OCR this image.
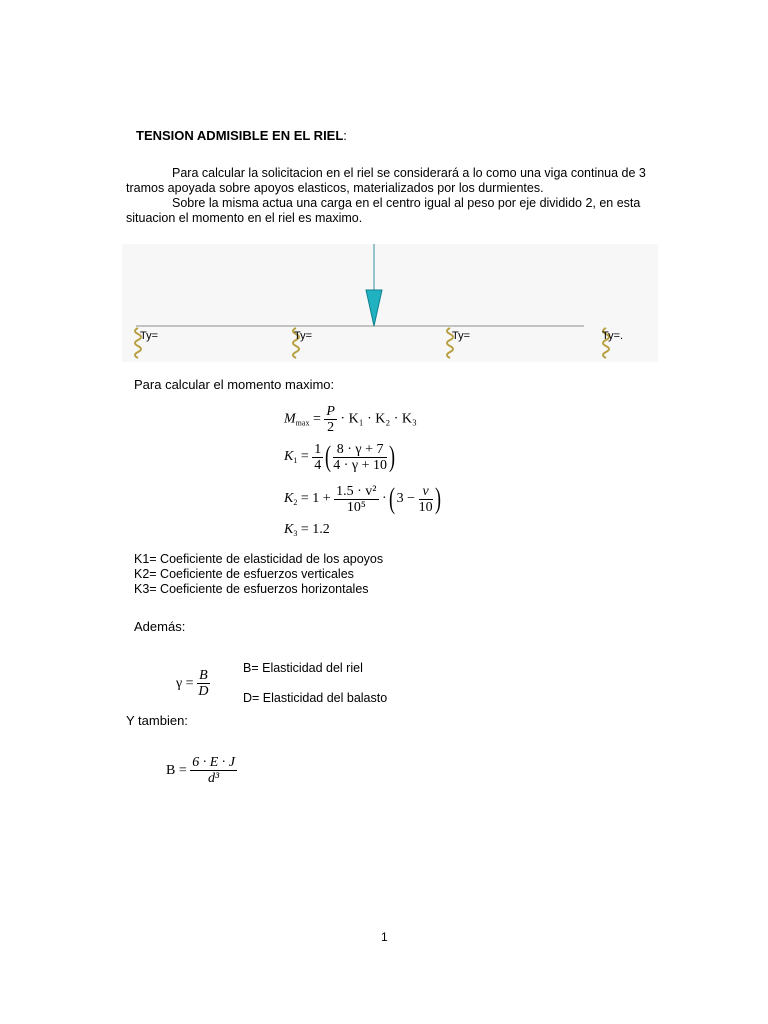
TENSION ADMISIBLE EN EL RIEL:
Para calcular la solicitacion en el riel se considerará a lo como una viga continua de 3 tramos apoyada sobre apoyos elasticos, materializados por los durmientes.
Sobre la misma actua una carga en el centro igual al peso por eje dividido 2, en esta situacion el momento en el riel es maximo.
Ty=	Ty=	Ty=	Ty=.
Para calcular el momento maximo:
$M_{max} = \frac{P}{2} \cdot K_1 \cdot K_2 \cdot K_3$
$K_1 = \frac{1}{4}$ ( $\frac{8 \cdot \gamma + 7}{4 \cdot \gamma + 10}$ )
$K_2 = 1 + \frac{\text{1.5 · v²}}{\text{10⁵}}$ ·( $3 - \frac{v}{10}$ )
$K_3 = 1.2$
K1= Coeficiente de elasticidad de los apoyos
K2= Coeficiente de esfuerzos verticales
K3= Coeficiente de esfuerzos horizontales
Además:
$\gamma = \frac{B}{D}$	B= Elasticidad del riel
D= Elasticidad del balasto
Y tambien:
$B = \frac{6 \cdot E \cdot J}{\text{d³}}$
1
